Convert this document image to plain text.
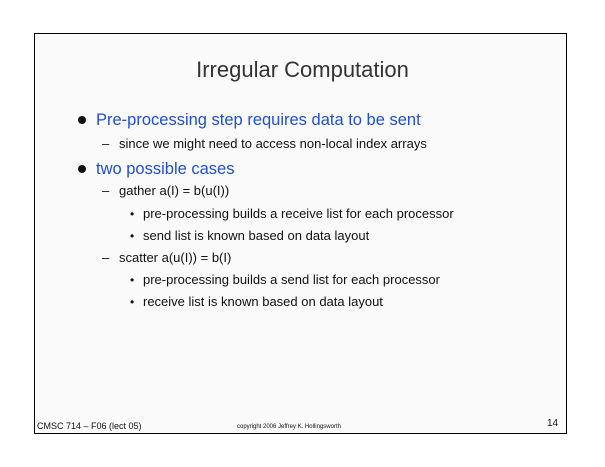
Irregular Computation
Pre-processing step requires data to be sent
– since we might need to access non-local index arrays
two possible cases
– gather a(I) = b(u(I))
• pre-processing builds a receive list for each processor
• send list is known based on data layout
– scatter a(u(I)) = b(I)
• pre-processing builds a send list for each processor
• receive list is known based on data layout
CMSC 714 – F06 (lect 05)	copyright 2006 Jeffrey K. Hollingsworth	14
